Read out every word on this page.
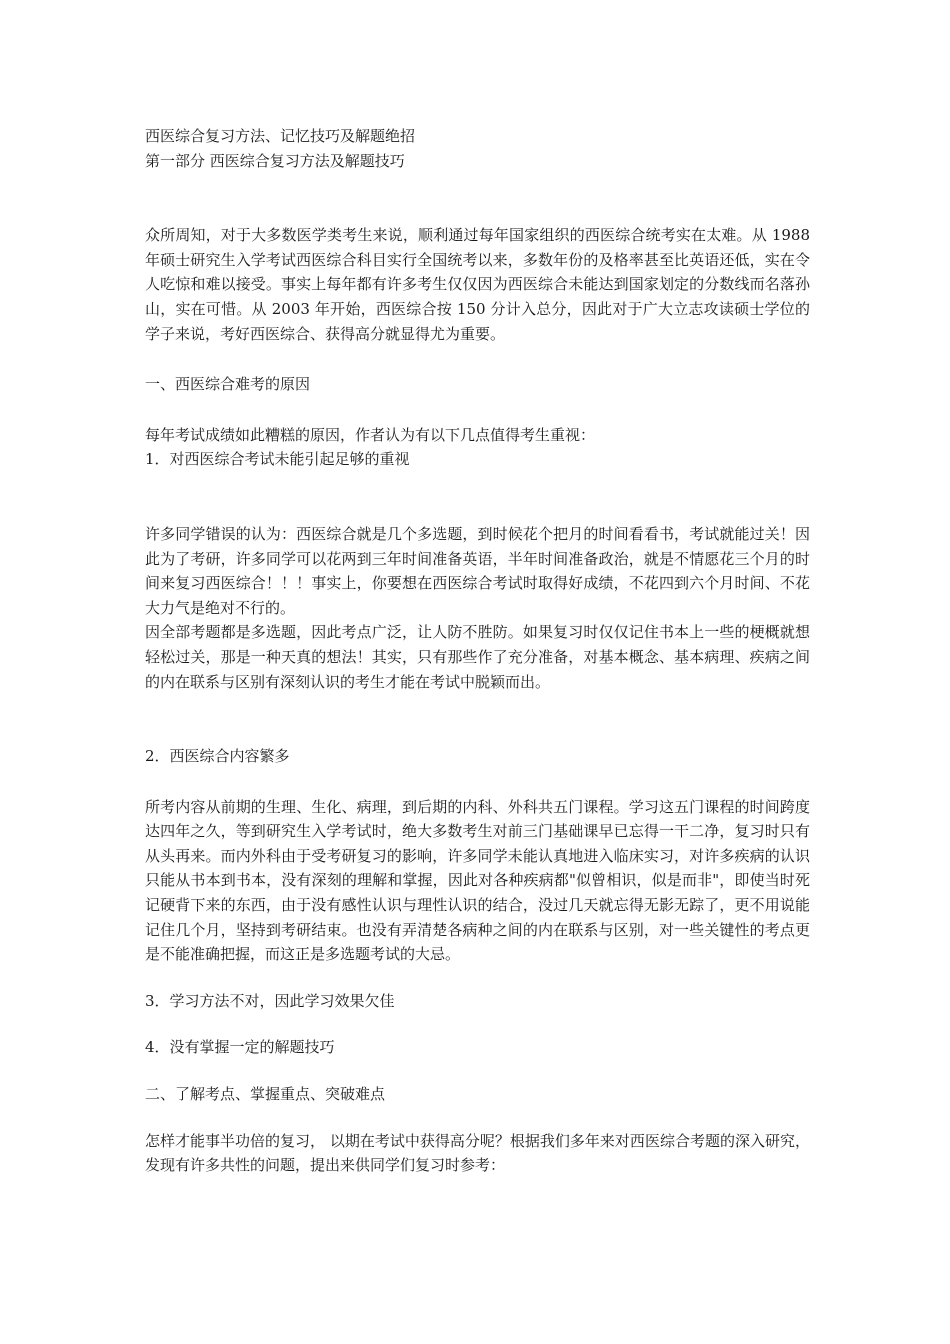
西医综合复习方法、记忆技巧及解题绝招

第一部分 西医综合复习方法及解题技巧

众所周知，对于大多数医学类考生来说，顺利通过每年国家组织的西医综合统考实在太难。从 1988 年硕士研究生入学考试西医综合科目实行全国统考以来，多数年份的及格率甚至比英语还低，实在令人吃惊和难以接受。事实上每年都有许多考生仅仅因为西医综合未能达到国家划定的分数线而名落孙山，实在可惜。从 2003 年开始，西医综合按 150 分计入总分，因此对于广大立志攻读硕士学位的学子来说，考好西医综合、获得高分就显得尤为重要。

一、西医综合难考的原因

每年考试成绩如此糟糕的原因，作者认为有以下几点值得考生重视：

1．对西医综合考试未能引起足够的重视

许多同学错误的认为：西医综合就是几个多选题，到时候花个把月的时间看看书，考试就能过关！因此为了考研，许多同学可以花两到三年时间准备英语，半年时间准备政治，就是不情愿花三个月的时间来复习西医综合！！！事实上，你要想在西医综合考试时取得好成绩，不花四到六个月时间、不花大力气是绝对不行的。

因全部考题都是多选题，因此考点广泛，让人防不胜防。如果复习时仅仅记住书本上一些的梗概就想轻松过关，那是一种天真的想法！其实，只有那些作了充分准备，对基本概念、基本病理、疾病之间的内在联系与区别有深刻认识的考生才能在考试中脱颖而出。

2．西医综合内容繁多

所考内容从前期的生理、生化、病理，到后期的内科、外科共五门课程。学习这五门课程的时间跨度达四年之久，等到研究生入学考试时，绝大多数考生对前三门基础课早已忘得一干二净，复习时只有从头再来。而内外科由于受考研复习的影响，许多同学未能认真地进入临床实习，对许多疾病的认识只能从书本到书本，没有深刻的理解和掌握，因此对各种疾病都"似曾相识，似是而非"，即使当时死记硬背下来的东西，由于没有感性认识与理性认识的结合，没过几天就忘得无影无踪了，更不用说能记住几个月，坚持到考研结束。也没有弄清楚各病种之间的内在联系与区别，对一些关键性的考点更是不能准确把握，而这正是多选题考试的大忌。

3．学习方法不对，因此学习效果欠佳

4．没有掌握一定的解题技巧

二、了解考点、掌握重点、突破难点

怎样才能事半功倍的复习， 以期在考试中获得高分呢？根据我们多年来对西医综合考题的深入研究，发现有许多共性的问题，提出来供同学们复习时参考：
